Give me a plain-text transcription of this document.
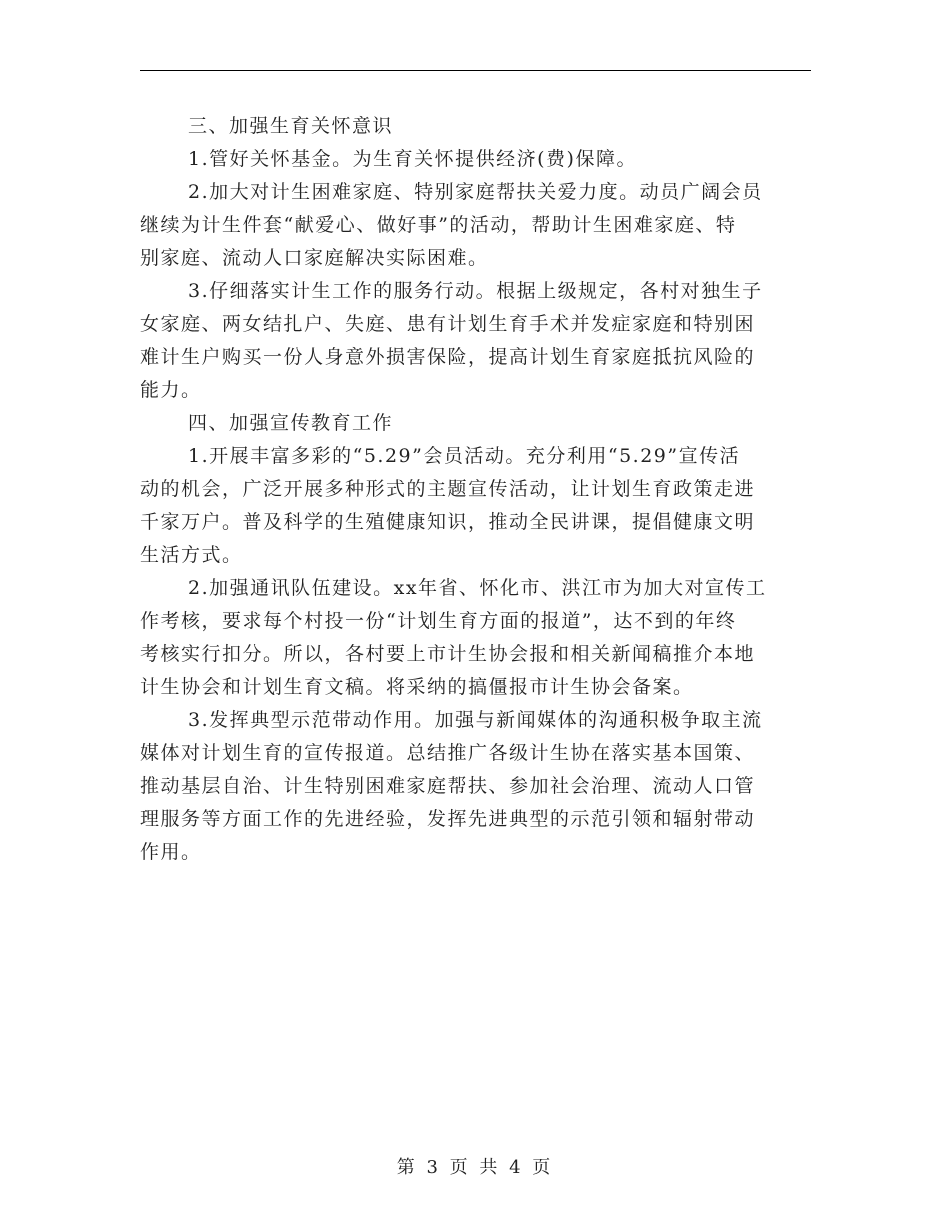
三、加强生育关怀意识
1.管好关怀基金。为生育关怀提供经济(费)保障。
2.加大对计生困难家庭、特别家庭帮扶关爱力度。动员广阔会员
继续为计生件套“献爱心、做好事”的活动，帮助计生困难家庭、特
别家庭、流动人口家庭解决实际困难。
3.仔细落实计生工作的服务行动。根据上级规定，各村对独生子
女家庭、两女结扎户、失庭、患有计划生育手术并发症家庭和特别困
难计生户购买一份人身意外损害保险，提高计划生育家庭抵抗风险的
能力。
四、加强宣传教育工作
1.开展丰富多彩的“5.29”会员活动。充分利用“5.29”宣传活
动的机会，广泛开展多种形式的主题宣传活动，让计划生育政策走进
千家万户。普及科学的生殖健康知识，推动全民讲课，提倡健康文明
生活方式。
2.加强通讯队伍建设。xx年省、怀化市、洪江市为加大对宣传工
作考核，要求每个村投一份“计划生育方面的报道”，达不到的年终
考核实行扣分。所以，各村要上市计生协会报和相关新闻稿推介本地
计生协会和计划生育文稿。将采纳的搞僵报市计生协会备案。
3.发挥典型示范带动作用。加强与新闻媒体的沟通积极争取主流
媒体对计划生育的宣传报道。总结推广各级计生协在落实基本国策、
推动基层自治、计生特别困难家庭帮扶、参加社会治理、流动人口管
理服务等方面工作的先进经验，发挥先进典型的示范引领和辐射带动
作用。
第 3 页 共 4 页
